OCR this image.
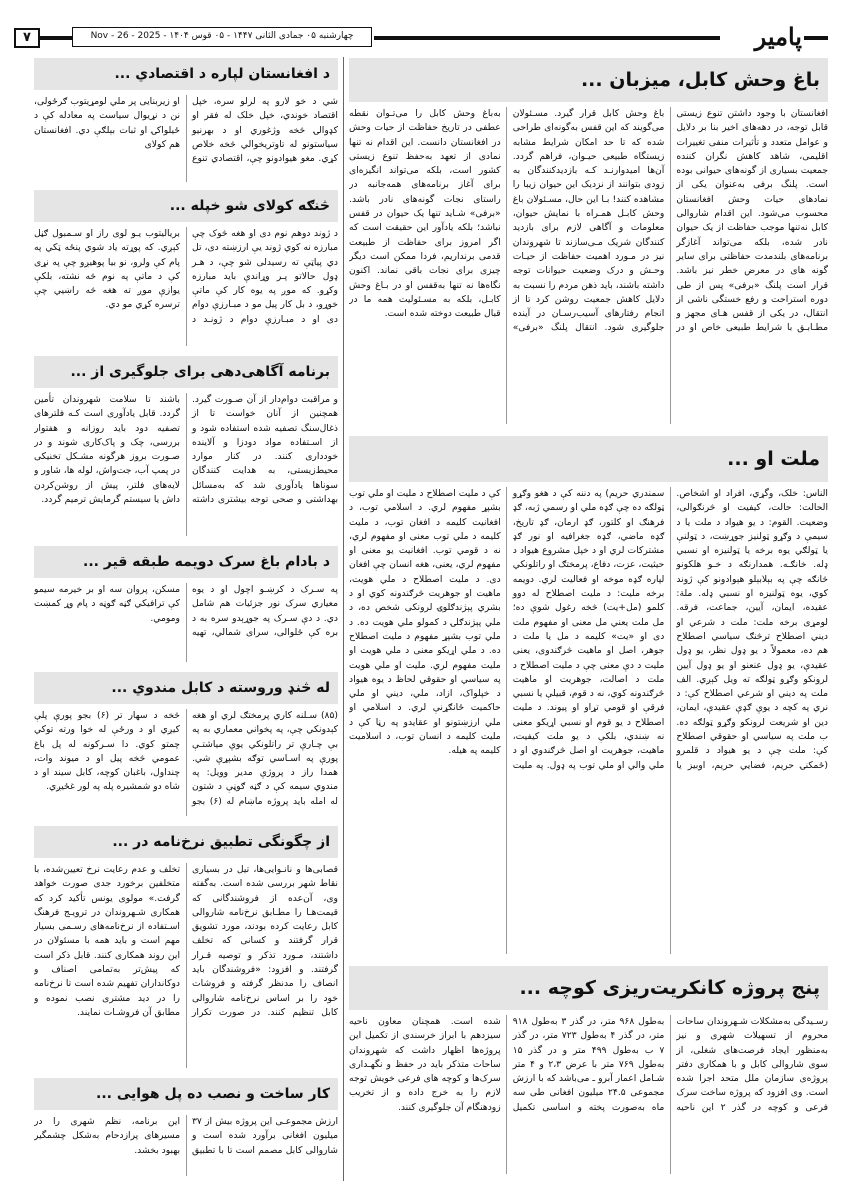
٧	چهارشنبه ۰۵ جمادی الثانی ۱۴۴۷ - ۰۵ قوس ۱۴۰۴ - Nov - 26 - 2025	پامیر
باغ وحش کابل، میزبان ...
افغانستان با وجود داشتن تنوع زیستی قابل توجه، در دهه‌های اخیر بنا بر دلایل و عوامل متعدد و تأثیرات منفی تغییرات اقلیمی، شاهد کاهش نگران کننده جمعیت بسیاری از گونه‌های حیوانی بوده است. پلنگ برفی به‌عنوان یکی از نمادهای حیات وحش افغانستان محسوب می‌شود. این اقدام شاروالی کابل نه‌تنها موجب حفاظت از یک حیوان نادر شده، بلکه می‌تواند آغازگر برنامه‌های بلندمدت حفاظتی برای سایر گونه های در معرض خطر نیز باشد. قرار است پلنگ «برفی» پس از طی دوره استراحت و رفع خستگی ناشی از انتقال، در یکی از قفس هـای مجهز و مطـابـق با شرایط طبیعی خاص او در باغ وحش کابل قرار گیرد. مسـئولان می‌گویند که این قفس به‌گونه‌ای طراحی شده که تا حد امکان شرایط مشابه زیستگاه طبیعی حیـوان، فراهم گردد. آن‌ها امیدوارنـد کـه بازدیدکنندگان به زودی بتوانند از نزدیک این حیوان زیبا را مشاهده کنند! بـا این حال، مسـئولان باغ وحش کابـل همـراه با نمایش حیوان، معلومات و آگاهی لازم برای بازدید کنندگان شریک مـی‌سازند تا شهروندان نیز در مـورد اهمیت حفاظت از حیـات وحـش و درک وضعیت حیوانات توجه داشته باشند، باید ذهن مردم را نسبت به دلایل کاهش جمعیت روشن کرد تا از انجام رفتارهای آسیب‌رسـان در آینده جلوگیری شود. انتقال پلنگ «برفی» به‌باغ وحش کابل را می‌تـوان نقطه عطفی در تاریخ حفاظت از حیات وحش در افغانستان دانست. این اقدام نه تنها نمادی از تعهد به‌حفظ تنوع زیستی کشور است، بلکه می‌تواند انگیزه‌ای برای آغاز برنامه‌های همه‌جانبه در راستای نجات گونه‌های نادر باشد. «برفی» شـاید تنها یک حیوان در قفس نباشد؛ بلکه یادآور این حقیقت است که اگر امروز برای حفاظت از طبیعت قدمی برنداریم، فردا ممکن است دیگر چیزی برای نجات باقی نماند. اکنون نگاه‌ها نه تنها به‌قفس او در بـاغ وحش کابـل، بلکه به مسـئولیت همه ما در قبال طبیعت دوخته شده است.
ملت او ...
الناس: خلک، وگړي، افراد او اشخاص. الحالت: حالت، کیفیت او څرنګوالی، وضعیت. القوم: د یو هیواد د ملت یا د سیمې د وګړو ټولنیز جوړښت، د ټولنې یا ټولګي یوه برخه یا ټولنیزه او نسبي ډله. خانګـه. همدارنګه د خـو هلکونو څانګه چې په بېلابېلو هېوادونو کې ژوند کوي، یوه ټولنیزه او نسبي ډله. ملة: عقیده، ایمان، آیین، جماعت، فرقه. لومړی برخه ملت: ملت د شرعي او دیني اصطلاح ترڅنګ سیاسي اصطلاح هم ده، معمولاً د یو ډول نظر، یو ډول عقیدې، یو ډول عنعنو او یو ډول آیین لرونکو وګړو ټولګه ته ویل کېږي. الف ملت په دیني او شرعي اصطلاح کې: د نري په کچه د یوې ګډې عقیدې، ایمان، دین او شریعت لرونکو وګړو ټولګه ده. ب ملت په سیاسي او حقوقي اصطلاح کې: ملت چې د یو هیواد د قلمرو (ځمکنۍ حریم، فضایي حریم، اوبیز یا سمندري حریم) په دننه کې د هغو وګړو ټولګه ده چې ګډه ملي او رسمي ژبه، ګډ فرهنګ او کلتور، ګډ ارمان، ګډ تاریخ، ګډه ماضي، ګډه جغرافیه او نور ګډ مشترکات لري او د خپل مشروع هیواد د حیثیت، عزت، دفاع، پرمختګ او راتلونکي لپاره ګډه موخه او فعالیت لري. دویمه برخه ملیت: د ملیت اصطلاح له دوو کلمو (مل+یت) څخه رغول شوې ده؛ مل ملت یعني مل معنی او مفهوم ملت دی او «یت» کلیمه د مل یا ملت د جوهر، اصل او ماهیت څرګندوی، یعنی ملیت د دې معنی چې د ملیت اصطلاح د ملت د اصالت، جوهریت او ماهیت څرګندونه کوي، نه د قوم، قبیلې یا نسبي فرقې او قومي تړاو او پیوند. د ملیت اصطلاح د یو قوم او نسبي اړیکو معنی نه ښندي، بلکې د یو ملت کیفیت، ماهیت، جوهریت او اصل څرګندوي او د ملي والي او ملي توب په ډول. په ملیت کې د ملیت اصطلاح د ملیت او ملي توب بشپړ مفهوم لري. د اسلامي توب، د افغانیت کلیمه د افغان توب، د ملیت کلیمه د ملي توب معنی او مفهوم لري، نه د قومي توب. افغانیت یو معنی او مفهوم لري، یعنی، هغه انسان چې افغان دی. د ملیت اصطلاح د ملي هویت، ماهیت او جوهریت څرګندونه کوي او د بشري پېژندګلوۍ لرونکی شخص ده، د ملي پېژندګلۍ د کمولو ملي هویت ده. د ملي توب بشپړ مفهوم د ملیت اصطلاح ده. د ملي اړیکو معنی د ملي هویت او ملیت مفهوم لري. ملیت او ملي هویت په سیاسي او حقوقي لحاظ د یوه هیواد د خپلواک، ازاد، ملي، دیني او ملي حاکمیت ځانګړنې لري. د اسلامي او ملي ارزښتونو او عقایدو په رڼا کې د ملیت کلیمه د انسان توب، د اسلامیت کلیمه په هیله.
پنج پروژه کانکریت‌ریزی کوچه ...
رسـیدگی به‌مشکلات شـهروندان ساحات محروم از تسهیلات شهری و نیز به‌منظور ایجاد فرصت‌های شغلی، از سوی شاروالی کابل و با همکاری دفتر پروژه‌ی سازمان ملل متحد اجرا شده است. وی افزود که پروژه‌ ساخت سرک فرعی و کوچه در گذر ۲ این ناحیه به‌طول ۹۶۸ متر، در گذر ۳ به‌طول ۹۱۸ متر، در گذر ۴ به‌طول ۷۲۳ متر، در گذر ۷ ب به‌طول ۴۹۹ متر و در گذر ۱۵ به‌طول ۷۶۹ متر با عرض ۲،۳ و ۴ متر شـامل اعمار آبرو ـ می‌باشد که با ارزش مجموعی ۲۴.۵ میلیون افغانی طی سه ماه به‌صورت پخته و اساسی تکمیل شده است. همچنان معاون ناحیه سیزدهم با ابراز خرسندی از تکمیل این پروژه‌ها اظهار داشت که شهروندان ساحات متذکر باید در حفظ و نگهـداری سرک‌ها و کوچه های فرعی خویش توجه لازم را به خرج داده و از تخریب زودهنگام آن جلوگیری کنند.
د افغانستان لپاره د اقتصادي ...
شي د خو لارو په لرلو سره، خپل اقتصاد خوندي، خپل خلک له فقر او کډوالۍ څخه وژغوري او د بهرنیو سیاستونو له تاوتریخوالي څخه خلاص کړي. مغو هیوادونو چې، اقتصادي تنوع او زیربنایی پر ملي لومړیتوب ګرځولی، نن د نړیوال سیاست په معادله کې د ځیلواکۍ او ثبات بېلګې دي. افغانستان هم کولای
څنګه کولای شو خپله ...
د ژوند دوهم نوم دی او هغه څوک چې مبارزه نه کوي ژوند یې ارزښته دی، تل دي پیاټې ته رسیدلی شو چې، د هـر ډول حالاتو پـر وړاندې باید مبارزه وکړو. که موږ په یوه کار کې ماتې خوړو، د بل کار پیل مو د مبـارزې دوام دی او د مبـارزې دوام د ژونـد د بریالیتوب یـو لوی راز او سـمبول ګڼل کېږي. که پوړته یاد شوي پنځه ټکي په پام کې ولرو، نو بیا پوهیږو چې په نړی کې د ماتې په نوم څه نشته، بلکې یوازې موږ ته هغه څه راښيي چې ترسره کړي مو دي.
برنامه آگاهی‌دهی برای جلوگیری از ...
و مراقبت دوام‌دار از آن صـورت گیرد. همچنین از آنان خواست تا از ذغال‌سنگ تصفیه شده استفاده شود و از اسـتفاده مواد دودزا و آلاینده خودداری کنند. در کنار موارد محیط‌زیستی، به هدایت کنندگان سونا‌ها یادآوری شد که به‌مسائل بهداشتی و صحی توجه بیشتری داشته باشند تا سلامت شهروندان تأمین گردد. قابل یادآوری است کـه فلترهای تصفیه دود باید روزانه و هفتوار بررسی، چک و پاک‌کاری شوند و در صـورت بروز هرگونه مشـکل تخنیکی در پمپ آب، جت‌واش، لوله ها، شاور و لایه‌های فلتر، پیش از روشن‌کردن داش یا سیستم گرمایش ترمیم گردد.
د بادام باغ سرک دویمه طبقه قیر ...
په سـرک د کرښـو اچول او د یوه معیاري سرک نور جزئیات هم شامل دي. د دې سـرک په جوړېدو سره به د بره کې ځلوالی، سرای شمالي، تهیه مسکن، پروان سه او بر خیرمه سیمو کې ترافیکي ګڼه ګوڼه د پام وړ کمښت ومومي.
له څنډ وروسته د کابل مندوي ...
(۸۵) سـلنه کاري پرمختګ لري او هغه کېدونکي چې، په پخواني معماري به په بې چـارې تر راتلونکي یوې میاشتـې پورې په اسـاسي توګه بشپړې شي. همدا راز د پروژې مدیر وویل: په مندوي سیمه کې د ګڼه ګوڼې د شتون له امله باید پروژه ماښام له (۶) بجو څخه د سهار تر (۶) بجو پورې پلې کیږي او د ورځې له خوا ورته توکي چمتو کوي. دا سـرکونه له پل باغ عمومي څخه پیل او د میوند وات، چنداول، باغبان کوچه، کابل سیند او د شاه دو شمشیره پله په لور غځیږي.
از چگونگی تطبیق نرخ‌نامه در ...
قصابی‌ها و نانـوایی‌ها، تیل در بسیاری نقاط شهر بررسی شده است. به‌گفته وی، آن‌عده از فروشندگانی که قیمت‌هـا را مطـابق نرخ‌نامه شاروالی کابل رعایت کرده بودند، مورد تشویق قرار گرفتند و کسانی که تخلف داشتند، مـورد تذکر و توصیه قـرار گرفتند. و افزود: «فروشندگان باید انصاف را مدنظر گرفته و فروشات خود را بر اساس نرخ‌نامه شاروالی کابل تنظیم کنند. در صورت تکرار تخلف و عدم رعایت نرخ تعیین‌شده، با متخلفین برخورد جدی صورت خواهد گرفت.» مولوی یونس تأکید کرد که همکاری شـهروندان در ترویـج فرهنگ اسـتفاده از نرخ‌نامه‌های رسـمی بسیار مهم است و باید همه با مسئولان در این روند همکاری کنند. قابل ذکر است که پیش‌تر به‌تمامی اصناف و دوکانداران تفهیم شده است تا نرخ‌نامه را در دید مشتری نصب نموده و مطابق آن فروشـات نمایند.
کار ساخت و نصب ده پل هوایی ...
ارزش مجموعـی این پروژه بیش از ۳۷ میلیون افغانی برآورد شده است و شاروالی کابل مصمم است تا با تطبیق این برنامه، نظم شهری را در مسیرهای پرازدحام به‌شکل چشمگیر بهبود بخشد.
